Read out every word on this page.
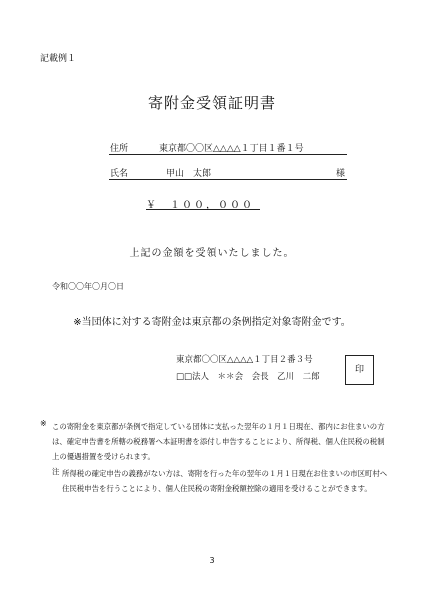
記載例１
寄附金受領証明書
住所	東京都〇〇区△△△△１丁目１番１号
氏名	甲山　太郎	様
￥　１００，０００
上記の金額を受領いたしました。
令和〇〇年〇月〇日
※当団体に対する寄附金は東京都の条例指定対象寄附金です。
東京都〇〇区△△△△１丁目２番３号
□□法人　＊＊会　会長　乙川　二郎
印
※ この寄附金を東京都が条例で指定している団体に支払った翌年の１月１日現在、都内にお住まいの方は、確定申告書を所轄の税務署へ本証明書を添付し申告することにより、所得税、個人住民税の税制上の優遇措置を受けられます。
注 所得税の確定申告の義務がない方は、寄附を行った年の翌年の１月１日現在お住まいの市区町村へ住民税申告を行うことにより、個人住民税の寄附金税額控除の適用を受けることができます。
3
